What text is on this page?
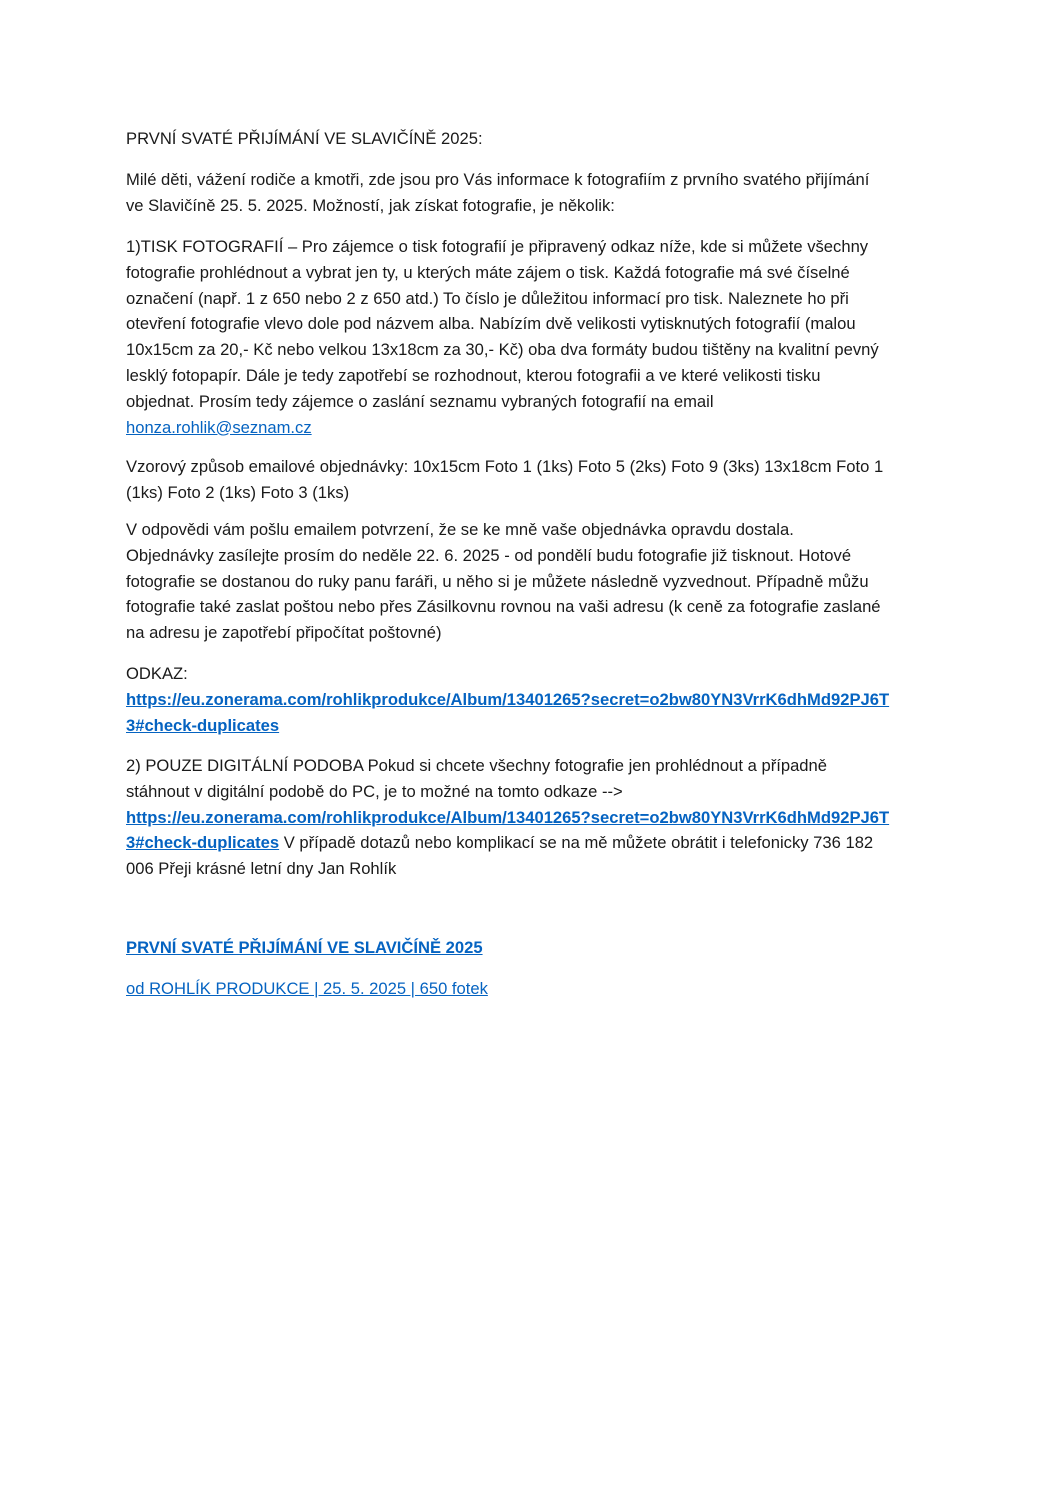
PRVNÍ SVATÉ PŘIJÍMÁNÍ VE SLAVIČÍNĚ 2025:

Milé děti, vážení rodiče a kmotři, zde jsou pro Vás informace k fotografiím z prvního svatého přijímání
ve Slavičíně 25. 5. 2025. Možností, jak získat fotografie, je několik:

1)TISK FOTOGRAFIÍ – Pro zájemce o tisk fotografií je připravený odkaz níže, kde si můžete všechny
fotografie prohlédnout a vybrat jen ty, u kterých máte zájem o tisk. Každá fotografie má své číselné
označení (např. 1 z 650 nebo 2 z 650 atd.) To číslo je důležitou informací pro tisk. Naleznete ho při
otevření fotografie vlevo dole pod názvem alba. Nabízím dvě velikosti vytisknutých fotografií (malou
10x15cm za 20,- Kč nebo velkou 13x18cm za 30,- Kč) oba dva formáty budou tištěny na kvalitní pevný
lesklý fotopapír. Dále je tedy zapotřebí se rozhodnout, kterou fotografii a ve které velikosti tisku
objednat. Prosím tedy zájemce o zaslání seznamu vybraných fotografií na email
honza.rohlik@seznam.cz

Vzorový způsob emailové objednávky: 10x15cm Foto 1 (1ks) Foto 5 (2ks) Foto 9 (3ks) 13x18cm Foto 1
(1ks) Foto 2 (1ks) Foto 3 (1ks)

V odpovědi vám pošlu emailem potvrzení, že se ke mně vaše objednávka opravdu dostala.
Objednávky zasílejte prosím do neděle 22. 6. 2025 - od pondělí budu fotografie již tisknout. Hotové
fotografie se dostanou do ruky panu faráři, u něho si je můžete následně vyzvednout. Případně můžu
fotografie také zaslat poštou nebo přes Zásilkovnu rovnou na vaši adresu (k ceně za fotografie zaslané
na adresu je zapotřebí připočítat poštovné)

ODKAZ:
https://eu.zonerama.com/rohlikprodukce/Album/13401265?secret=o2bw80YN3VrrK6dhMd92PJ6T
3#check-duplicates

2) POUZE DIGITÁLNÍ PODOBA Pokud si chcete všechny fotografie jen prohlédnout a případně
stáhnout v digitální podobě do PC, je to možné na tomto odkaze -->
https://eu.zonerama.com/rohlikprodukce/Album/13401265?secret=o2bw80YN3VrrK6dhMd92PJ6T
3#check-duplicates V případě dotazů nebo komplikací se na mě můžete obrátit i telefonicky 736 182
006 Přeji krásné letní dny Jan Rohlík

PRVNÍ SVATÉ PŘIJÍMÁNÍ VE SLAVIČÍNĚ 2025

od ROHLÍK PRODUKCE | 25. 5. 2025 | 650 fotek
